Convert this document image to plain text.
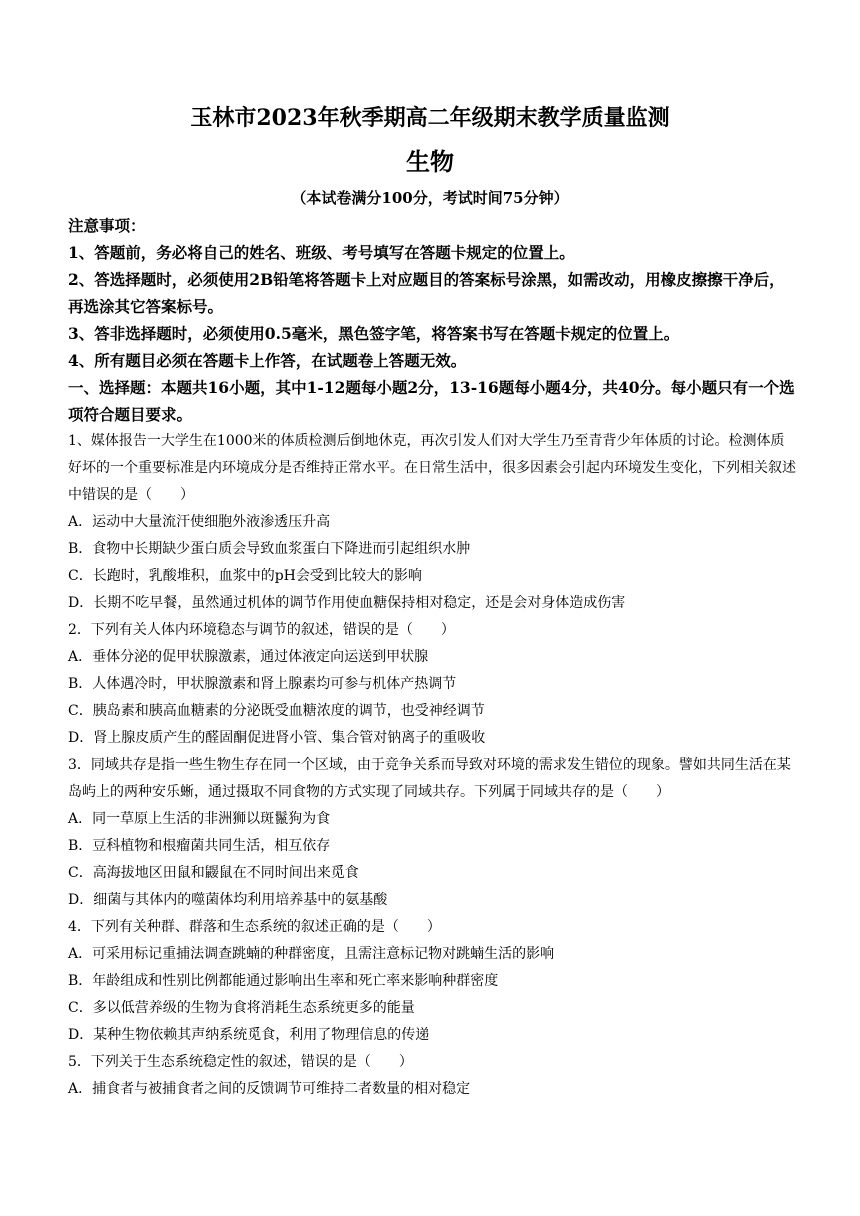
玉林市2023年秋季期高二年级期末教学质量监测
生物
（本试卷满分100分，考试时间75分钟）
注意事项：
1、答题前，务必将自己的姓名、班级、考号填写在答题卡规定的位置上。
2、答选择题时，必须使用2B铅笔将答题卡上对应题目的答案标号涂黑，如需改动，用橡皮擦擦干净后，再选涂其它答案标号。
3、答非选择题时，必须使用0.5毫米，黑色签字笔，将答案书写在答题卡规定的位置上。
4、所有题目必须在答题卡上作答，在试题卷上答题无效。
一、选择题：本题共16小题，其中1-12题每小题2分，13-16题每小题4分，共40分。每小题只有一个选项符合题目要求。
1、媒体报告一大学生在1000米的体质检测后倒地休克，再次引发人们对大学生乃至青背少年体质的讨论。检测体质好坏的一个重要标准是内环境成分是否维持正常水平。在日常生活中，很多因素会引起内环境发生变化，下列相关叙述中错误的是（　　）
A．运动中大量流汗使细胞外液渗透压升高
B．食物中长期缺少蛋白质会导致血浆蛋白下降进而引起组织水肿
C．长跑时，乳酸堆积，血浆中的pH会受到比较大的影响
D．长期不吃早餐，虽然通过机体的调节作用使血糖保持相对稳定，还是会对身体造成伤害
2．下列有关人体内环境稳态与调节的叙述，错误的是（　　）
A．垂体分泌的促甲状腺激素，通过体液定向运送到甲状腺
B．人体遇冷时，甲状腺激素和肾上腺素均可参与机体产热调节
C．胰岛素和胰高血糖素的分泌既受血糖浓度的调节，也受神经调节
D．肾上腺皮质产生的醛固酮促进肾小管、集合管对钠离子的重吸收
3．同域共存是指一些生物生存在同一个区域，由于竞争关系而导致对环境的需求发生错位的现象。譬如共同生活在某岛屿上的两种安乐蜥，通过摄取不同食物的方式实现了同域共存。下列属于同域共存的是（　　）
A．同一草原上生活的非洲狮以斑鬣狗为食
B．豆科植物和根瘤菌共同生活，相互依存
C．高海拔地区田鼠和鼹鼠在不同时间出来觅食
D．细菌与其体内的噬菌体均利用培养基中的氨基酸
4．下列有关种群、群落和生态系统的叙述正确的是（　　）
A．可采用标记重捕法调查跳蝻的种群密度，且需注意标记物对跳蝻生活的影响
B．年龄组成和性别比例都能通过影响出生率和死亡率来影响种群密度
C．多以低营养级的生物为食将消耗生态系统更多的能量
D．某种生物依赖其声纳系统觅食，利用了物理信息的传递
5．下列关于生态系统稳定性的叙述，错误的是（　　）
A．捕食者与被捕食者之间的反馈调节可维持二者数量的相对稳定
